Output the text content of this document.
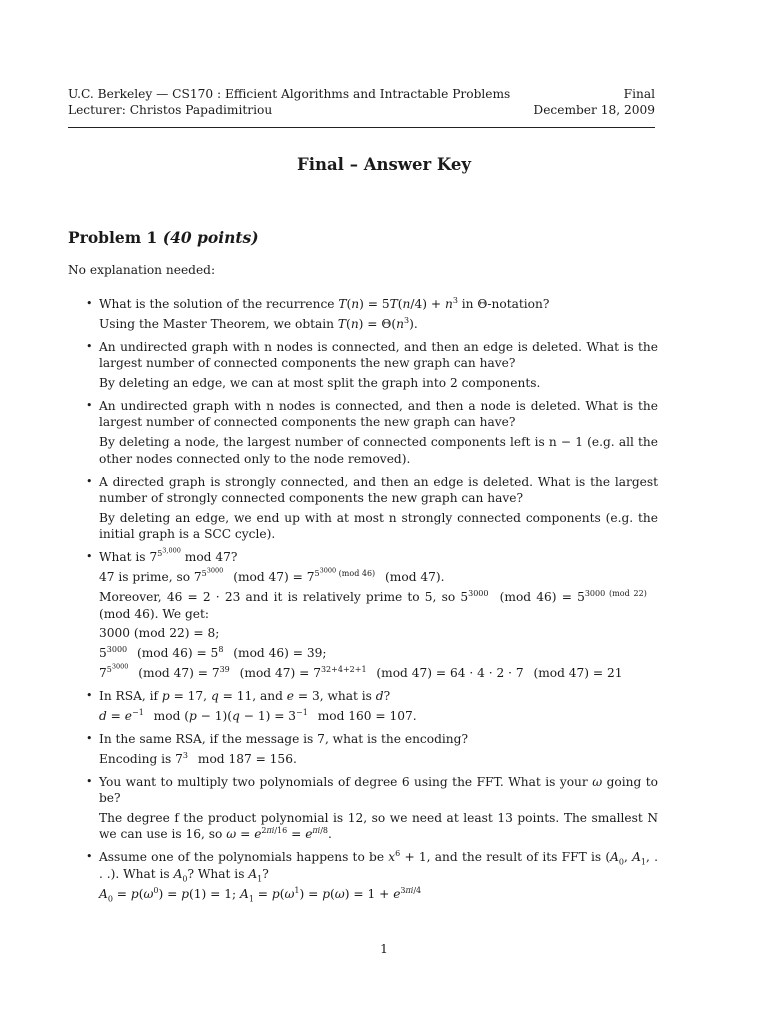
U.C. Berkeley — CS170 : Efficient Algorithms and Intractable Problems
Lecturer: Christos Papadimitriou
Final
December 18, 2009
Final – Answer Key
Problem 1 (40 points)
No explanation needed:
• What is the solution of the recurrence $T(n) = 5T(n/4) + n^3$ in Θ-notation?

Using the Master Theorem, we obtain $T(n) = \Theta(n^3)$.

• An undirected graph with n nodes is connected, and then an edge is deleted. What is the largest number of connected components the new graph can have?

By deleting an edge, we can at most split the graph into 2 components.

• An undirected graph with n nodes is connected, and then a node is deleted. What is the largest number of connected components the new graph can have?

By deleting a node, the largest number of connected components left is n − 1 (e.g. all the other nodes connected only to the node removed).

• A directed graph is strongly connected, and then an edge is deleted. What is the largest number of strongly connected components the new graph can have?

By deleting an edge, we end up with at most n strongly connected components (e.g. the initial graph is a SCC cycle).

• What is 7$^{5^{3,000}}$ mod 47?

47 is prime, so $7^{5^{3000}}$ (mod $47) = 7^{5^{3000} (mod 46)}$ (mod 47).

Moreover, 46 = 2 · 23 and it is relatively prime to 5, so $5^{3000}$ (mod $46) = 5^{3000 (mod 22)}$ (mod 46). We get:

3000 (mod 22) = 8;

$5^{3000}$ (mod $46) = 5^8$ (mod 46) = 39;

$7^{5^{3000}}$ (mod $47) = 7^{39}$ (mod $47) = 7^{32+4+2+1}$ (mod 47) = 64 · 4 · 2 · 7 (mod 47) = 21

• In RSA, if p = 17, q = 11, and e = 3, what is d?

$d = e^{-1}$ mod $(p - 1)(q - 1) = 3^{-1}$ mod 160 = 107.

• In the same RSA, if the message is 7, what is the encoding?

Encoding is $7^3$ mod 187 = 156.

• You want to multiply two polynomials of degree 6 using the FFT. What is your ω going to be?

The degree f the product polynomial is 12, so we need at least 13 points. The smallest N we can use is 16, so $\omega = e^{2\pi i/16} = e^{\pi i/8}$.

• Assume one of the polynomials happens to be $x^6 + 1$, and the result of its FFT is ($A_0$, $A_1$, . . .). What is $A_0$? What is $A_1$?

$A_0 = p(\omega^0) = p(1) = 1$; $A_1 = p(\omega^1) = p(\omega) = 1 + e^{3\pi i/4}$

1
